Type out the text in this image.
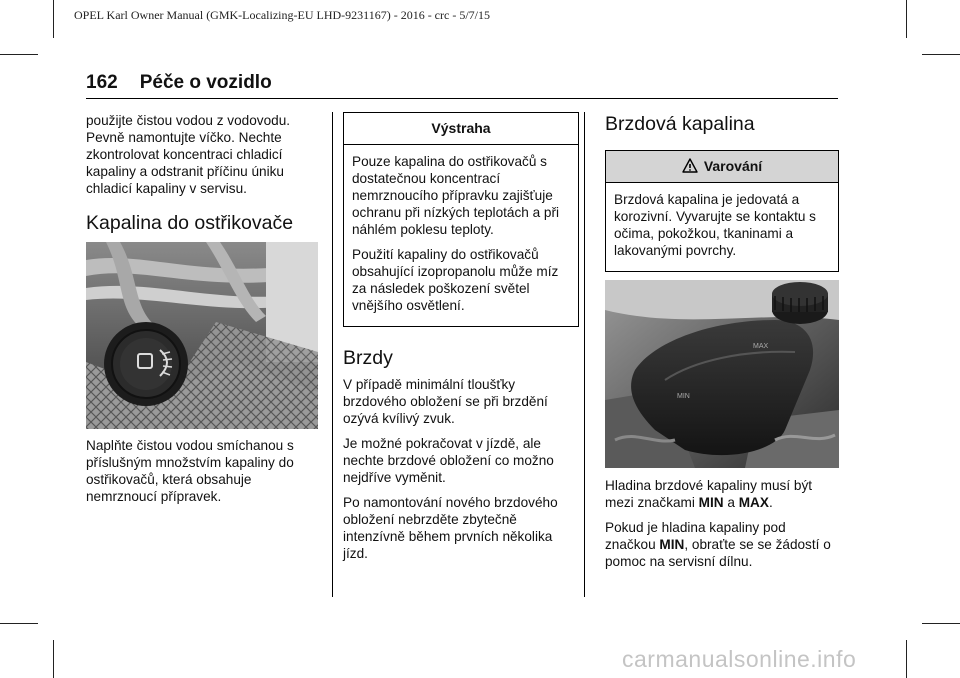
OPEL Karl Owner Manual (GMK-Localizing-EU LHD-9231167) - 2016 - crc - 5/7/15
162 Péče o vozidlo

použijte čistou vodou z vodovodu. Pevně namontujte víčko. Nechte zkontrolovat koncentraci chladicí kapaliny a odstranit příčinu úniku chladicí kapaliny v servisu.

Kapalina do ostřikovače

Naplňte čistou vodou smíchanou s příslušným množstvím kapaliny do ostřikovačů, která obsahuje nemrznoucí přípravek.

Výstraha

Pouze kapalina do ostřikovačů s dostatečnou koncentrací nemrznoucího přípravku zajišťuje ochranu při nízkých teplotách a při náhlém poklesu teploty.

Použití kapaliny do ostřikovačů obsahující izopropanolu může míz za následek poškození světel vnějšího osvětlení.

Brzdy

V případě minimální tloušťky brzdového obložení se při brzdění ozývá kvílivý zvuk.

Je možné pokračovat v jízdě, ale nechte brzdové obložení co možno nejdříve vyměnit.

Po namontování nového brzdového obložení nebrzděte zbytečně intenzívně během prvních několika jízd.

Brzdová kapalina
Varování

Brzdová kapalina je jedovatá a korozivní. Vyvarujte se kontaktu s očima, pokožkou, tkaninami a lakovanými povrchy.

MAX
MIN

Hladina brzdové kapaliny musí být mezi značkami MIN a MAX.

Pokud je hladina kapaliny pod značkou MIN, obraťte se se žádostí o pomoc na servisní dílnu.

carmanualsonline.info
